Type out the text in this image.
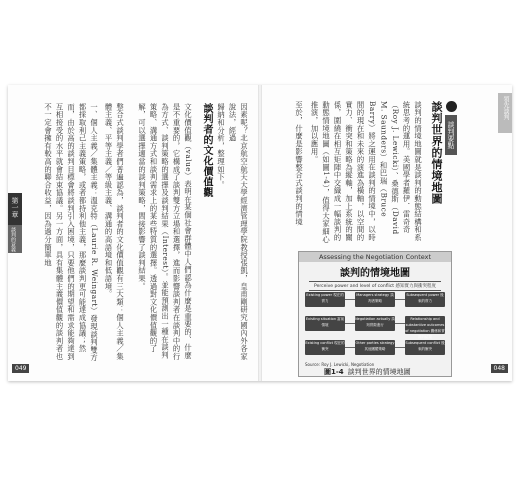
第一章
談判的意義
049
因素呢？北京航空航天大學經濟管理學院教授張凱，皇甫剛研究國內外各家說法，經過
歸納和分析，整理如下。
談判者的文化價值觀
文化價值觀（value）表明在某個社會群體中人們認為什麼是重要的、什麼是不重要的，它構成了談判雙方立場和選擇，進而影響談判者在談判中的行為方式、談判策略的選擇及談判結果（Interest）。並能預測出一種在談判策略、溝通方式和談判需求上的某些特質的選擇。透過對文化價值觀的了解，可以選擇適當的談判策略，間接影響了談判結果。
整合式談判學者們普遍認為，談判者的文化價值觀有三大類：個人主義／集體主義、平等主義／等級主義、溝通的高語境和低語境。
一、個人主義／集體主義：溫克特（Laurie R. Weingart）發現談判雙方都採取利己主義策略，或者都持利他主義，那麼談判更可能達成協議；然而，由於高的談判目標會將談判引入困境，只要他們的期望和需求能夠達到互相接受的水平就會結束協議。另一方面，具有集體主義價值觀的談判者也不一定會擁有較高的聯合收益，因為過分簡單地	領先談判
048
談判要點
談判世界的情境地圖
談判的情境地圖就是談判的動態結構和系統思考的運用。美國學者羅伊．雷奇奇（Roy J. Lewicki）、桑德斯（David M. Saunders）和巴瑞（Bruce Barry）將之運用在談判的情境中，以時間的現在和未來的演進為橫軸，以空間的實力、衝突和策略為縱軸，加上系統的關係，圍繞在相互矩陣中交織成一幅談判的動態情境地圖（如圖1-4），值得大家細心推演，加以應用。
至於，什麼是影響整合式談判的情境
Assessing the Negotiation Context
談判的情境地圖
Perceive power and level of conflict 感知實力與衝突程度
Existing power 現在的實力
Managers strategy 談判者策略
Subsequent power 後來的實力
Existing situation 當前情境
Negotiation actually 談判實際進行
Relationship and substantive outcomes of negotiation 關係和實質的結果
Existing conflict 現在的衝突
Other parties strategy 其他團體策略
Subsequent conflict 後來的衝突
Source: Roy J. Lewicki, Negotiation
圖1-4 談判世界的情境地圖
